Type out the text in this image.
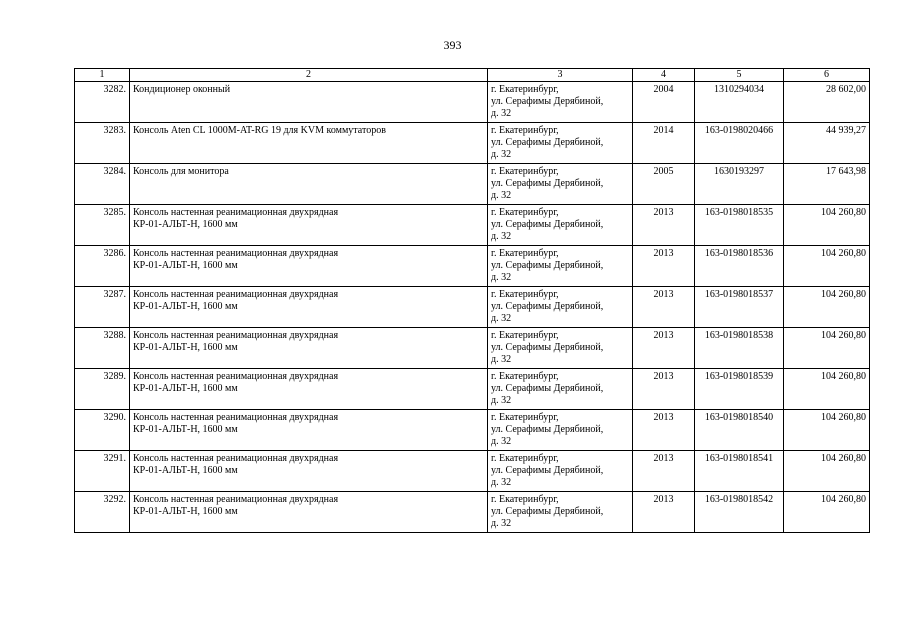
393
1	2	3	4	5	6
3282.	Кондиционер оконный	г. Екатеринбург,
ул. Серафимы Дерябиной,
д. 32	2004	1310294034	28 602,00
3283.	Консоль Aten CL 1000M-AT-RG 19 для KVM коммутаторов	г. Екатеринбург,
ул. Серафимы Дерябиной,
д. 32	2014	163-0198020466	44 939,27
3284.	Консоль для монитора	г. Екатеринбург,
ул. Серафимы Дерябиной,
д. 32	2005	1630193297	17 643,98
3285.	Консоль настенная реанимационная двухрядная
КР-01-АЛЬТ-Н, 1600 мм	г. Екатеринбург,
ул. Серафимы Дерябиной,
д. 32	2013	163-0198018535	104 260,80
3286.	Консоль настенная реанимационная двухрядная
КР-01-АЛЬТ-Н, 1600 мм	г. Екатеринбург,
ул. Серафимы Дерябиной,
д. 32	2013	163-0198018536	104 260,80
3287.	Консоль настенная реанимационная двухрядная
КР-01-АЛЬТ-Н, 1600 мм	г. Екатеринбург,
ул. Серафимы Дерябиной,
д. 32	2013	163-0198018537	104 260,80
3288.	Консоль настенная реанимационная двухрядная
КР-01-АЛЬТ-Н, 1600 мм	г. Екатеринбург,
ул. Серафимы Дерябиной,
д. 32	2013	163-0198018538	104 260,80
3289.	Консоль настенная реанимационная двухрядная
КР-01-АЛЬТ-Н, 1600 мм	г. Екатеринбург,
ул. Серафимы Дерябиной,
д. 32	2013	163-0198018539	104 260,80
3290.	Консоль настенная реанимационная двухрядная
КР-01-АЛЬТ-Н, 1600 мм	г. Екатеринбург,
ул. Серафимы Дерябиной,
д. 32	2013	163-0198018540	104 260,80
3291.	Консоль настенная реанимационная двухрядная
КР-01-АЛЬТ-Н, 1600 мм	г. Екатеринбург,
ул. Серафимы Дерябиной,
д. 32	2013	163-0198018541	104 260,80
3292.	Консоль настенная реанимационная двухрядная
КР-01-АЛЬТ-Н, 1600 мм	г. Екатеринбург,
ул. Серафимы Дерябиной,
д. 32	2013	163-0198018542	104 260,80
